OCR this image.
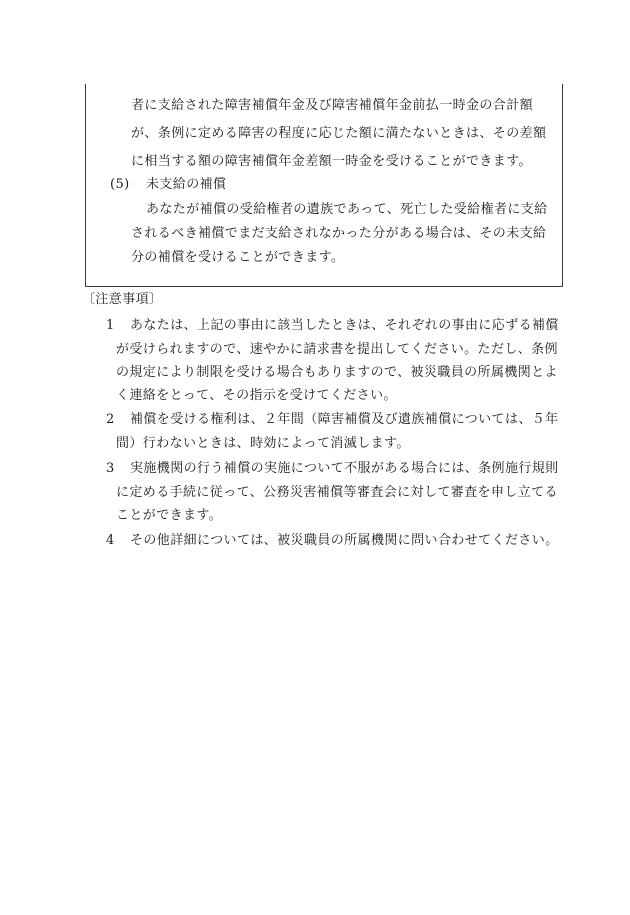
者に支給された障害補償年金及び障害補償年金前払一時金の合計額
が、条例に定める障害の程度に応じた額に満たないときは、その差額
に相当する額の障害補償年金差額一時金を受けることができます。
(5) 未支給の補償
あなたが補償の受給権者の遺族であって、死亡した受給権者に支給
されるべき補償でまだ支給されなかった分がある場合は、その未支給
分の補償を受けることができます。
〔注意事項〕
1 あなたは、上記の事由に該当したときは、それぞれの事由に応ずる補償
が受けられますので、速やかに請求書を提出してください。ただし、条例
の規定により制限を受ける場合もありますので、被災職員の所属機関とよ
く連絡をとって、その指示を受けてください。
2 補償を受ける権利は、２年間（障害補償及び遺族補償については、５年
間）行わないときは、時効によって消滅します。
3 実施機関の行う補償の実施について不服がある場合には、条例施行規則
に定める手続に従って、公務災害補償等審査会に対して審査を申し立てる
ことができます。
4 その他詳細については、被災職員の所属機関に問い合わせてください。
